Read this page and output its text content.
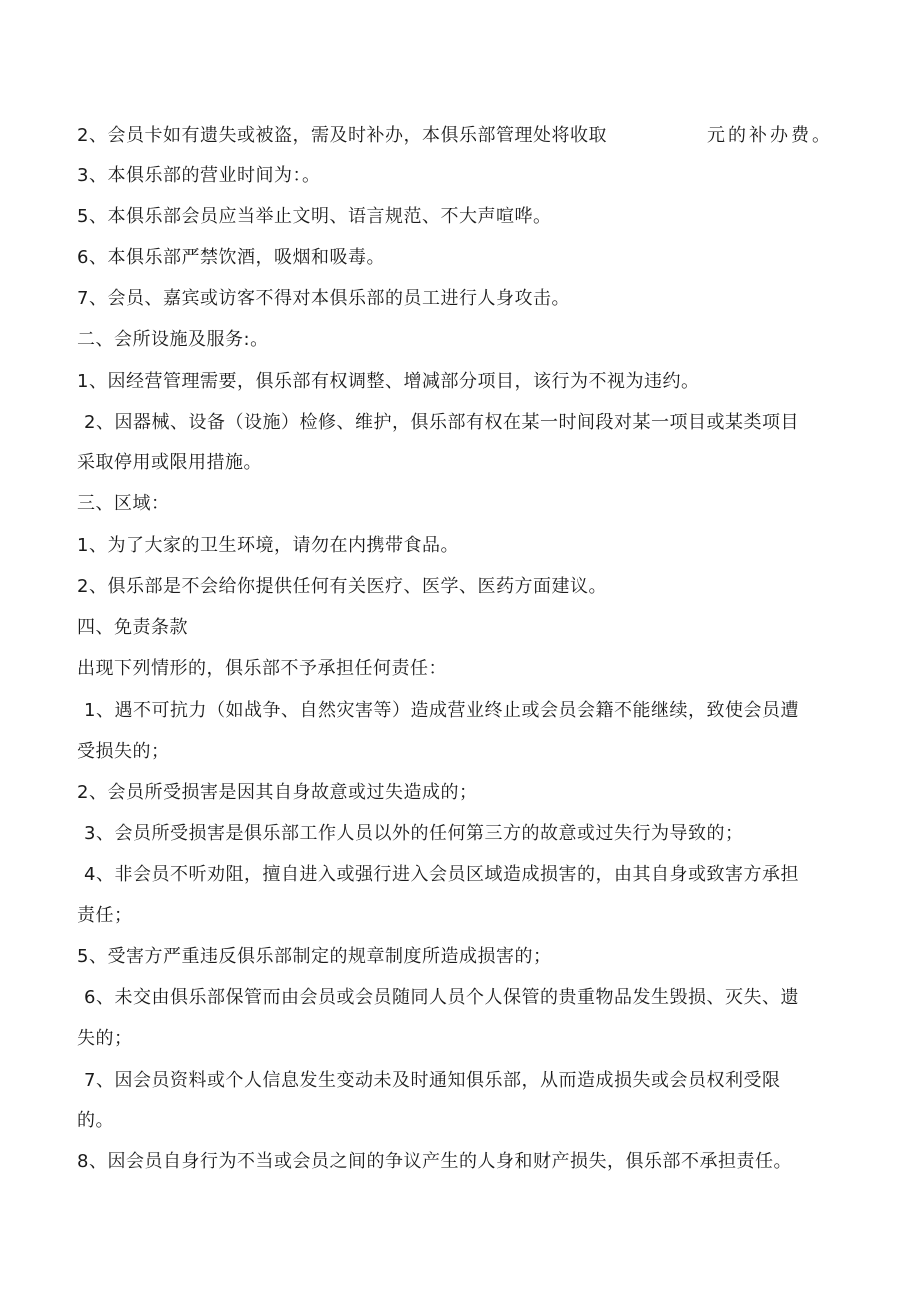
2、会员卡如有遗失或被盗，需及时补办，本俱乐部管理处将收取	元的补办费。
3、本俱乐部的营业时间为：。
5、本俱乐部会员应当举止文明、语言规范、不大声喧哗。
6、本俱乐部严禁饮酒，吸烟和吸毒。
7、会员、嘉宾或访客不得对本俱乐部的员工进行人身攻击。
二、会所设施及服务:。
1、因经营管理需要，俱乐部有权调整、增减部分项目，该行为不视为违约。
2、因器械、设备（设施）检修、维护，俱乐部有权在某一时间段对某一项目或某类项目
采取停用或限用措施。
三、区域：
1、为了大家的卫生环境，请勿在内携带食品。
2、俱乐部是不会给你提供任何有关医疗、医学、医药方面建议。
四、免责条款
出现下列情形的，俱乐部不予承担任何责任：
1、遇不可抗力（如战争、自然灾害等）造成营业终止或会员会籍不能继续，致使会员遭
受损失的；
2、会员所受损害是因其自身故意或过失造成的；
3、会员所受损害是俱乐部工作人员以外的任何第三方的故意或过失行为导致的；
4、非会员不听劝阻，擅自进入或强行进入会员区域造成损害的，由其自身或致害方承担
责任；
5、受害方严重违反俱乐部制定的规章制度所造成损害的；
6、未交由俱乐部保管而由会员或会员随同人员个人保管的贵重物品发生毁损、灭失、遗
失的；
7、因会员资料或个人信息发生变动未及时通知俱乐部，从而造成损失或会员权利受限
的。
8、因会员自身行为不当或会员之间的争议产生的人身和财产损失，俱乐部不承担责任。
